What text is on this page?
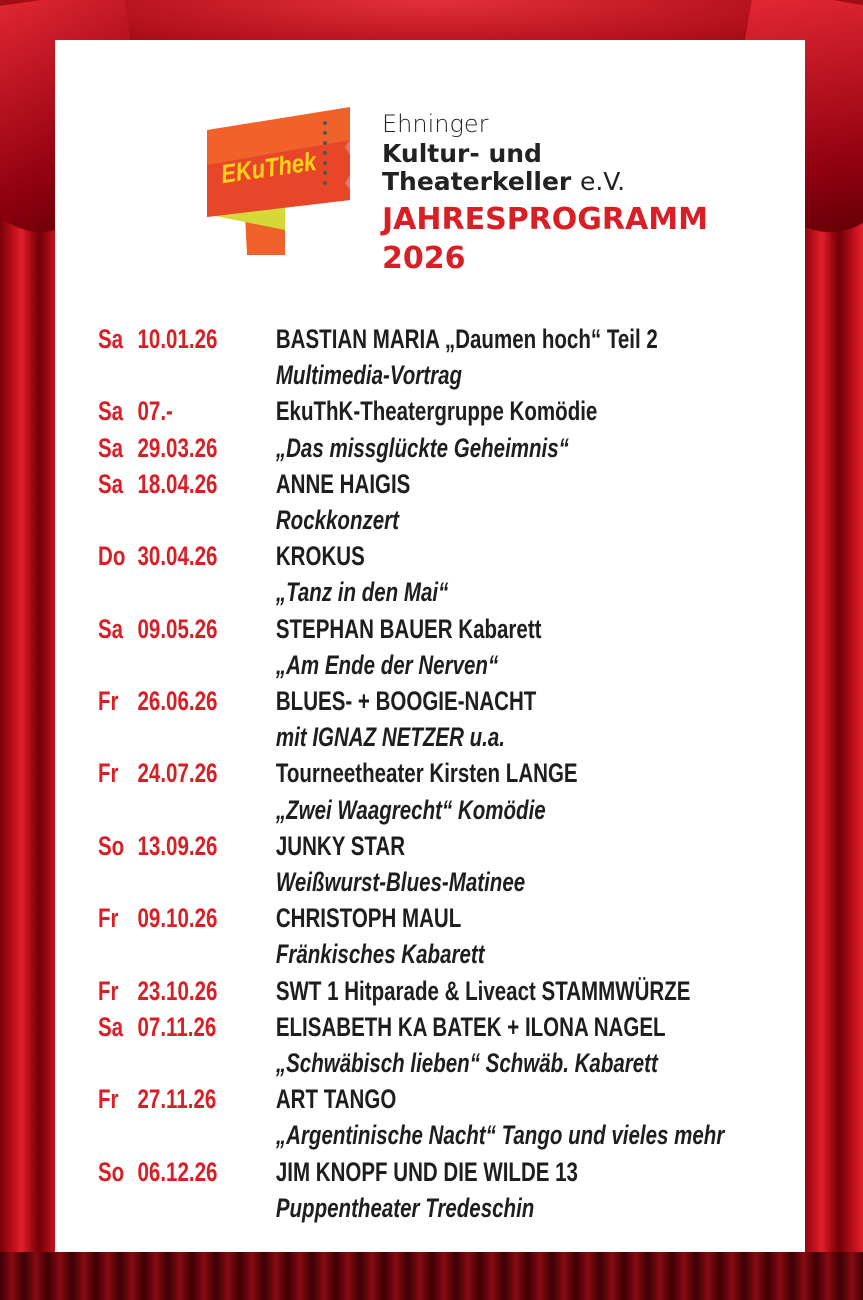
EKuThek
Ehninger
Kultur- und
Theaterkeller e.V.
JAHRESPROGRAMM
2026
Sa 10.01.26 BASTIAN MARIA „Daumen hoch“ Teil 2
Multimedia-Vortrag
Sa 07.-	EkuThK-Theatergruppe Komödie
Sa 29.03.26 „Das missglückte Geheimnis“
Sa 18.04.26 ANNE HAIGIS
Rockkonzert
Do 30.04.26 KROKUS
„Tanz in den Mai“
Sa 09.05.26 STEPHAN BAUER Kabarett
„Am Ende der Nerven“
Fr 26.06.26 BLUES- + BOOGIE-NACHT
mit IGNAZ NETZER u.a.
Fr 24.07.26 Tourneetheater Kirsten LANGE
„Zwei Waagrecht“ Komödie
So 13.09.26 JUNKY STAR
Weißwurst-Blues-Matinee
Fr 09.10.26 CHRISTOPH MAUL
Fränkisches Kabarett
Fr 23.10.26 SWT 1 Hitparade & Liveact STAMMWÜRZE
Sa 07.11.26 ELISABETH KA BATEK + ILONA NAGEL
„Schwäbisch lieben“ Schwäb. Kabarett
Fr 27.11.26 ART TANGO
„Argentinische Nacht“ Tango und vieles mehr
So 06.12.26 JIM KNOPF UND DIE WILDE 13
Puppentheater Tredeschin
